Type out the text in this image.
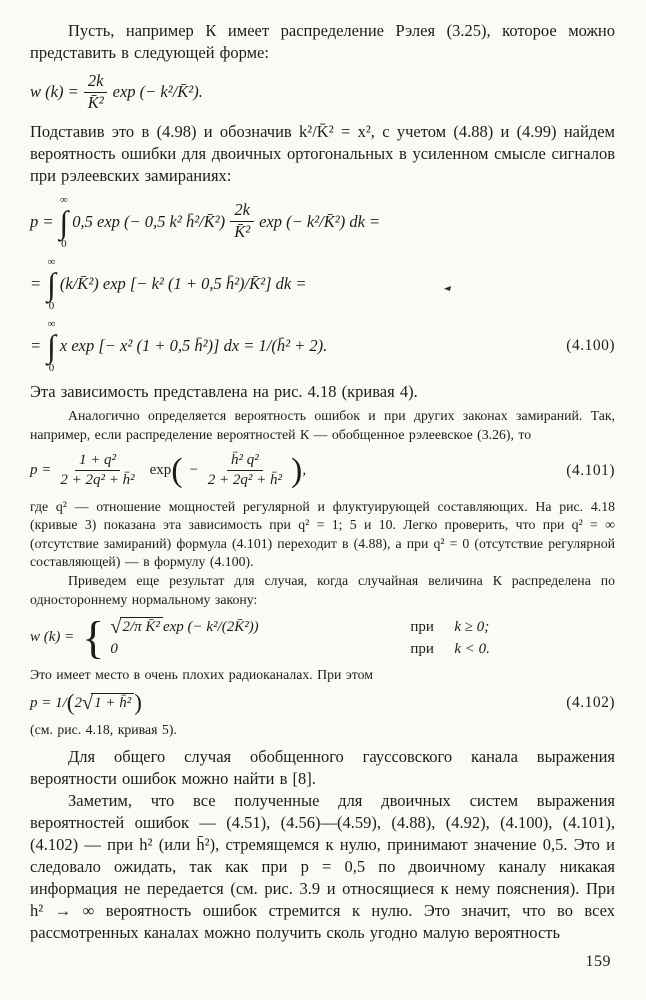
Пусть, например К имеет распределение Рэлея (3.25), которое можно представить в следующей форме:

w $(k) = \frac{2k}{\text{K̄²}}$ exp (− k²/K̄²).

Подставив это в (4.98) и обозначив k²/K̄² = x², с учетом (4.88) и (4.99) найдем вероятность ошибки для двоичных ортогональных в усиленном смысле сигналов при рэлеевских замираниях:

p =
∞
∫
0
0,5 exp (− 0,5 k² h̄²/K̄²) $\frac{2k}{\text{K̄²}}$ exp (− k²/K̄²) dk =
=
∞
∫
0
(k/K̄²) exp [− k² (1 + 0,5 h̄²)/K̄²] dk =
=
∞
∫
0
x exp [− x² (1 + 0,5 h̄²)] dx = 1/(h̄² + 2).	(4.100)

Эта зависимость представлена на рис. 4.18 (кривая 4).

Аналогично определяется вероятность ошибок и при других законах замираний. Так, например, если распределение вероятностей К — обобщенное рэлеевское (3.26), то

$p = \frac{\text{1 + q²}}{\text{2 + 2q² + h̄²}}$ exp ( − $\frac{\text{h̄² q²}}{\text{2 + 2q² + h̄²}}$ ) ,	(4.101)

где q² — отношение мощностей регулярной и флуктуирующей составляющих. На рис. 4.18 (кривые 3) показана эта зависимость при q² = 1; 5 и 10. Легко проверить, что при q² = ∞ (отсутствие замираний) формула (4.101) переходит в (4.88), а при q² = 0 (отсутствие регулярной составляющей) — в формулу (4.100).

Приведем еще результат для случая, когда случайная величина К распределена по одностороннему нормальному закону:

w (k) = { √ 2/π K̄² exp (− k²/(2K̄²))	при	k ≥ 0;
0	при	k < 0.

Это имеет место в очень плохих радиоканалах. При этом

p = 1/ ( 2 √ 1 + h̄² )	(4.102)

(см. рис. 4.18, кривая 5).

Для общего случая обобщенного гауссовского канала выражения вероятности ошибок можно найти в [8].

Заметим, что все полученные для двоичных систем выражения вероятностей ошибок — (4.51), (4.56)—(4.59), (4.88), (4.92), (4.100), (4.101), (4.102) — при h² (или h̄²), стремящемся к нулю, принимают значение 0,5. Это и следовало ожидать, так как при p = 0,5 по двоичному каналу никакая информация не передается (см. рис. 3.9 и относящиеся к нему пояснения). При h² → ∞ вероятность ошибок стремится к нулю. Это значит, что во всех рассмотренных каналах можно получить сколь угодно малую вероятность

159
